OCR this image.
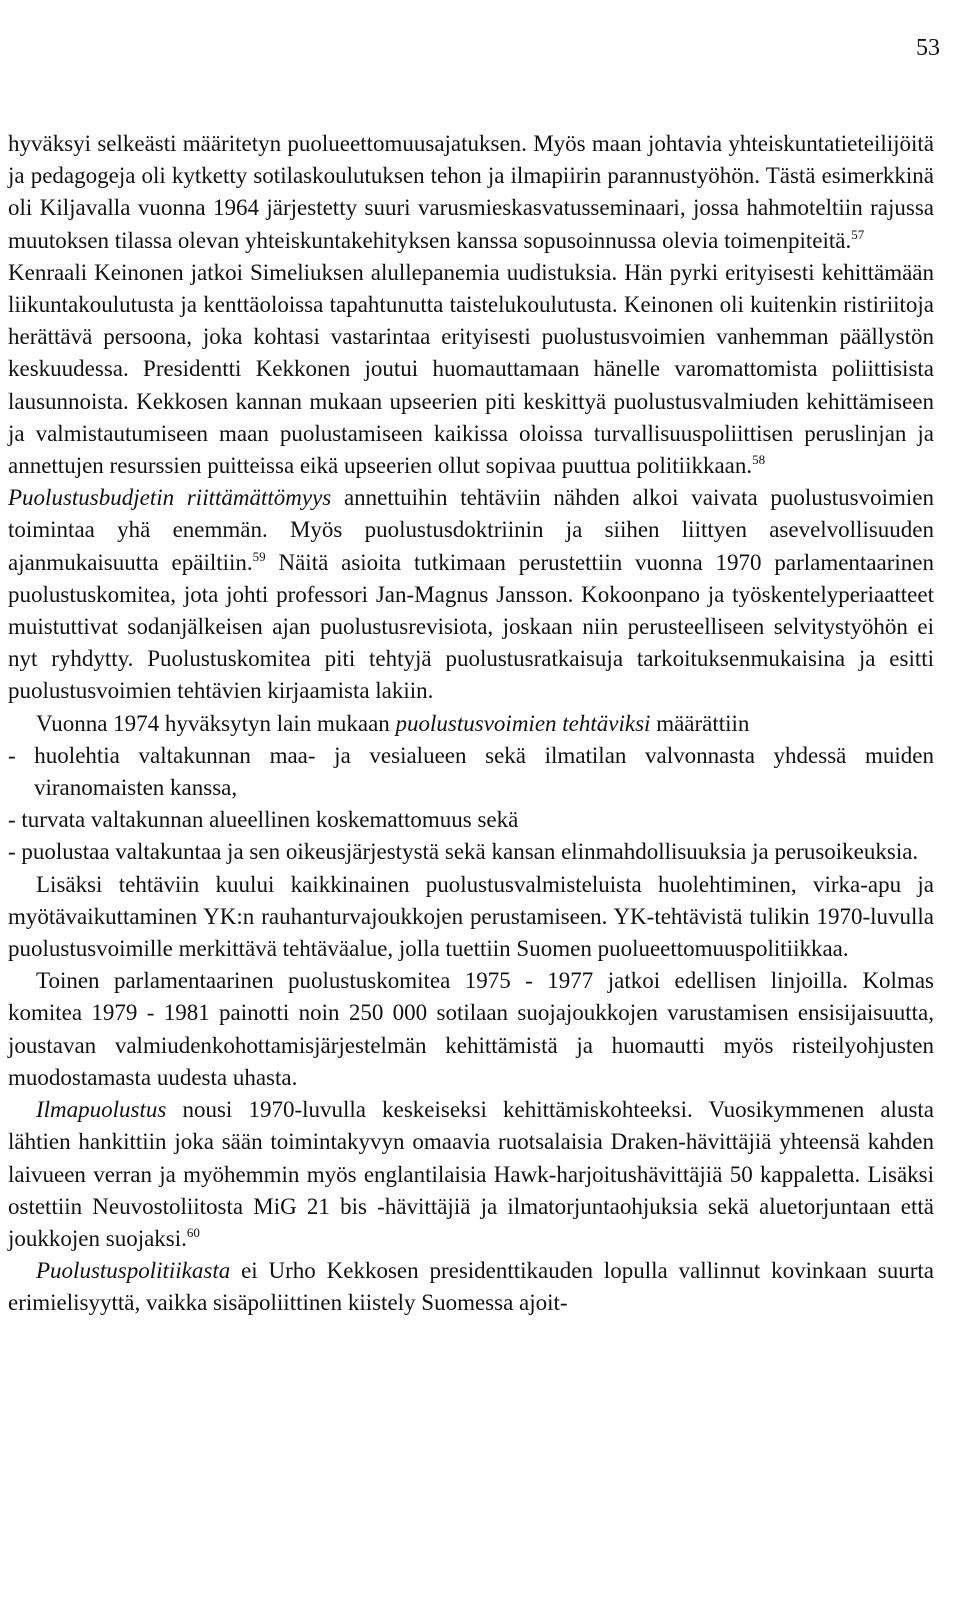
53

hyväksyi selkeästi määritetyn puolueettomuusajatuksen. Myös maan johtavia yhteiskuntatieteilijöitä ja pedagogeja oli kytketty sotilaskoulutuksen tehon ja ilmapiirin parannustyöhön. Tästä esimerkkinä oli Kiljavalla vuonna 1964 järjestetty suuri varusmieskasvatusseminaari, jossa hahmoteltiin rajussa muutoksen tilassa olevan yhteiskuntakehityksen kanssa sopusoinnussa olevia toimenpiteitä.$^{57}$

Kenraali Keinonen jatkoi Simeliuksen alullepanemia uudistuksia. Hän pyrki erityisesti kehittämään liikuntakoulutusta ja kenttäoloissa tapahtunutta taistelukoulutusta. Keinonen oli kuitenkin ristiriitoja herättävä persoona, joka kohtasi vastarintaa erityisesti puolustusvoimien vanhemman päällystön keskuudessa. Presidentti Kekkonen joutui huomauttamaan hänelle varomattomista poliittisista lausunnoista. Kekkosen kannan mukaan upseerien piti keskittyä puolustusvalmiuden kehittämiseen ja valmistautumiseen maan puolustamiseen kaikissa oloissa turvallisuuspoliittisen peruslinjan ja annettujen resurssien puitteissa eikä upseerien ollut sopivaa puuttua politiikkaan.$^{58}$

Puolustusbudjetin riittämättömyys annettuihin tehtäviin nähden alkoi vaivata puolustusvoimien toimintaa yhä enemmän. Myös puolustusdoktriinin ja siihen liittyen asevelvollisuuden ajanmukaisuutta epäiltiin.$^{59}$ Näitä asioita tutkimaan perustettiin vuonna 1970 parlamentaarinen puolustuskomitea, jota johti professori Jan-Magnus Jansson. Kokoonpano ja työskentelyperiaatteet muistuttivat sodanjälkeisen ajan puolustusrevisiota, joskaan niin perusteelliseen selvitystyöhön ei nyt ryhdytty. Puolustuskomitea piti tehtyjä puolustusratkaisuja tarkoituksenmukaisina ja esitti puolustusvoimien tehtävien kirjaamista lakiin.

Vuonna 1974 hyväksytyn lain mukaan puolustusvoimien tehtäviksi määrättiin

- huolehtia valtakunnan maa- ja vesialueen sekä ilmatilan valvonnasta yhdessä muiden viranomaisten kanssa,

- turvata valtakunnan alueellinen koskemattomuus sekä

- puolustaa valtakuntaa ja sen oikeusjärjestystä sekä kansan elinmahdollisuuksia ja perusoikeuksia.

Lisäksi tehtäviin kuului kaikkinainen puolustusvalmisteluista huolehtiminen, virka-apu ja myötävaikuttaminen YK:n rauhanturvajoukkojen perustamiseen. YK-tehtävistä tulikin 1970-luvulla puolustusvoimille merkittävä tehtäväalue, jolla tuettiin Suomen puolueettomuuspolitiikkaa.

Toinen parlamentaarinen puolustuskomitea 1975 - 1977 jatkoi edellisen linjoilla. Kolmas komitea 1979 - 1981 painotti noin 250 000 sotilaan suojajoukkojen varustamisen ensisijaisuutta, joustavan valmiudenkohottamisjärjestelmän kehittämistä ja huomautti myös risteilyohjusten muodostamasta uudesta uhasta.

Ilmapuolustus nousi 1970-luvulla keskeiseksi kehittämiskohteeksi. Vuosikymmenen alusta lähtien hankittiin joka sään toimintakyvyn omaavia ruotsalaisia Draken-hävittäjiä yhteensä kahden laivueen verran ja myöhemmin myös englantilaisia Hawk-harjoitushävittäjiä 50 kappaletta. Lisäksi ostettiin Neuvostoliitosta MiG 21 bis -hävittäjiä ja ilmatorjuntaohjuksia sekä aluetorjuntaan että joukkojen suojaksi.$^{60}$

Puolustuspolitiikasta ei Urho Kekkosen presidenttikauden lopulla vallinnut kovinkaan suurta erimielisyyttä, vaikka sisäpoliittinen kiistely Suomessa ajoit-
